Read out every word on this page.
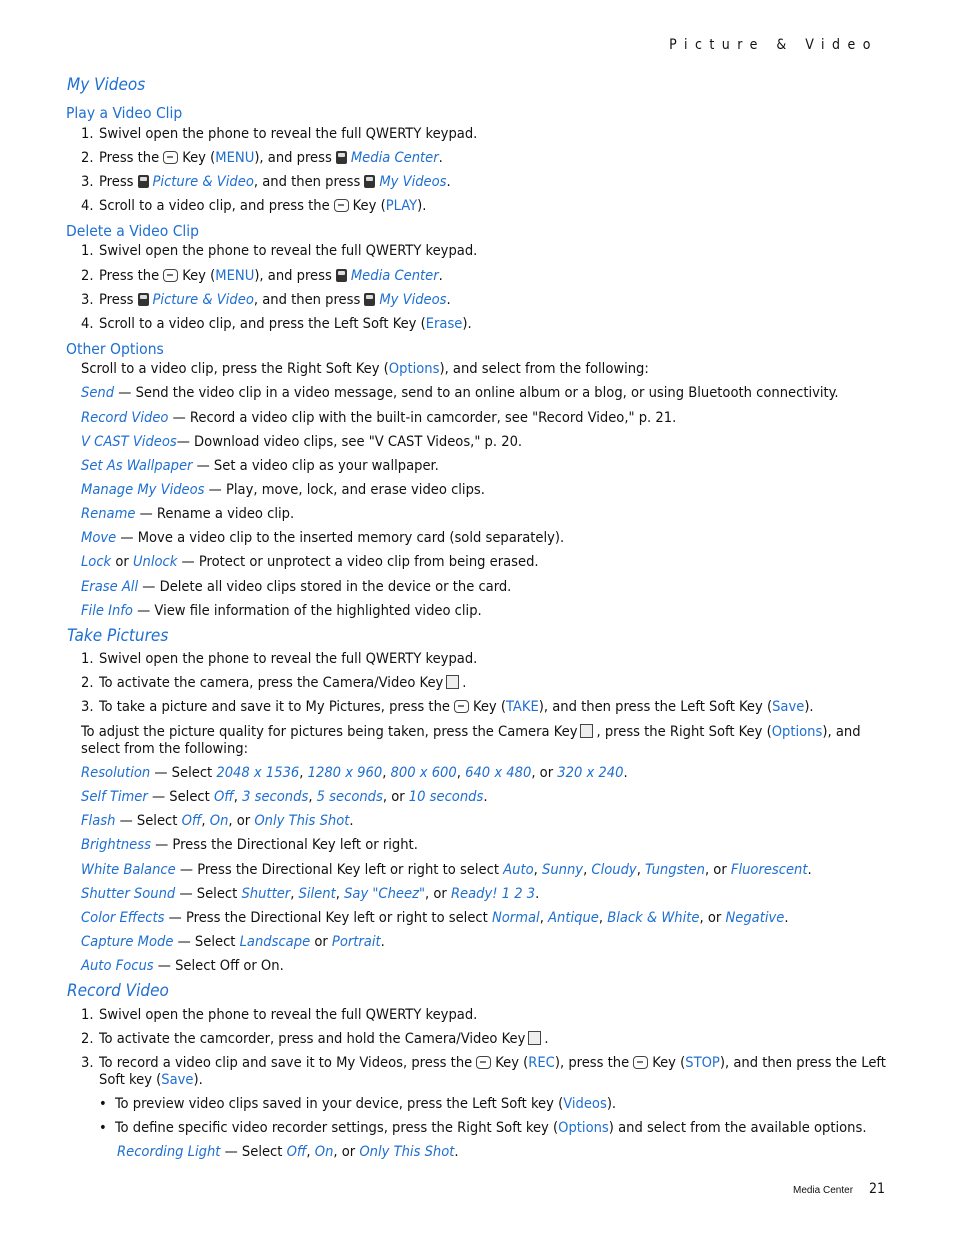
Picture & Video
My Videos
Play a Video Clip
1. Swivel open the phone to reveal the full QWERTY keypad.
2. Press the Key (MENU), and press Media Center.
3. Press Picture & Video, and then press My Videos.
4. Scroll to a video clip, and press the Key (PLAY).
Delete a Video Clip
1. Swivel open the phone to reveal the full QWERTY keypad.
2. Press the Key (MENU), and press Media Center.
3. Press Picture & Video, and then press My Videos.
4. Scroll to a video clip, and press the Left Soft Key (Erase).
Other Options
Scroll to a video clip, press the Right Soft Key (Options), and select from the following:
Send — Send the video clip in a video message, send to an online album or a blog, or using Bluetooth connectivity.
Record Video — Record a video clip with the built-in camcorder, see "Record Video," p. 21.
V CAST Videos— Download video clips, see "V CAST Videos," p. 20.
Set As Wallpaper — Set a video clip as your wallpaper.
Manage My Videos — Play, move, lock, and erase video clips.
Rename — Rename a video clip.
Move — Move a video clip to the inserted memory card (sold separately).
Lock or Unlock — Protect or unprotect a video clip from being erased.
Erase All — Delete all video clips stored in the device or the card.
File Info — View file information of the highlighted video clip.
Take Pictures
1. Swivel open the phone to reveal the full QWERTY keypad.
2. To activate the camera, press the Camera/Video Key .
3. To take a picture and save it to My Pictures, press the Key (TAKE), and then press the Left Soft Key (Save).
To adjust the picture quality for pictures being taken, press the Camera Key , press the Right Soft Key (Options), and
select from the following:
Resolution — Select 2048 x 1536, 1280 x 960, 800 x 600, 640 x 480, or 320 x 240.
Self Timer — Select Off, 3 seconds, 5 seconds, or 10 seconds.
Flash — Select Off, On, or Only This Shot.
Brightness — Press the Directional Key left or right.
White Balance — Press the Directional Key left or right to select Auto, Sunny, Cloudy, Tungsten, or Fluorescent.
Shutter Sound — Select Shutter, Silent, Say "Cheez", or Ready! 1 2 3.
Color Effects — Press the Directional Key left or right to select Normal, Antique, Black & White, or Negative.
Capture Mode — Select Landscape or Portrait.
Auto Focus — Select Off or On.
Record Video
1. Swivel open the phone to reveal the full QWERTY keypad.
2. To activate the camcorder, press and hold the Camera/Video Key .
3. To record a video clip and save it to My Videos, press the Key (REC), press the Key (STOP), and then press the Left
Soft key (Save).
• To preview video clips saved in your device, press the Left Soft key (Videos).
• To define specific video recorder settings, press the Right Soft key (Options) and select from the available options.
Recording Light — Select Off, On, or Only This Shot.
Media Center 21
